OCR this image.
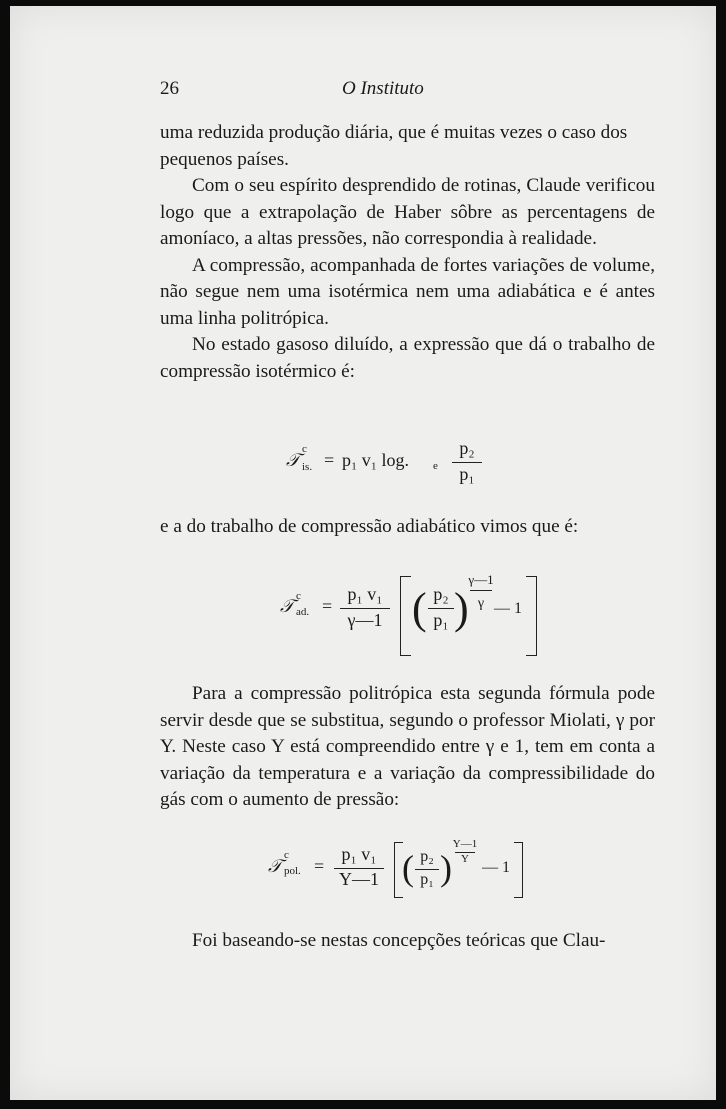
26	O Instituto

uma reduzida produção diária, que é muitas vezes o caso dos pequenos países.

Com o seu espírito desprendido de rotinas, Claude verificou logo que a extrapolação de Haber sôbre as percentagens de amoníaco, a altas pressões, não correspondia à realidade.

A compressão, acompanhada de fortes variações de volume, não segue nem uma isotérmica nem uma adiabática e é antes uma linha politrópica.

No estado gasoso diluído, a expressão que dá o trabalho de compressão isotérmico é:

𝒯
c
is. = p₁ v₁ log. e
p₂
p₁

e a do trabalho de compressão adiabático vimos que é:

𝒯 c
ad. =
p₁ v₁
γ—1 ( p₂
p₁ )
γ—1
γ — 1

Para a compressão politrópica esta segunda fórmula pode servir desde que se substitua, segundo o professor Miolati, γ por Y. Neste caso Y está compreendido entre γ e 1, tem em conta a variação da temperatura e a variação da compressibilidade do gás com o aumento de pressão:

𝒯
c
pol. =
p₁ v₁
Y—1 ( p₂
p₁ )
Y—1
Y — 1

Foi baseando-se nestas concepções teóricas que Clau-
